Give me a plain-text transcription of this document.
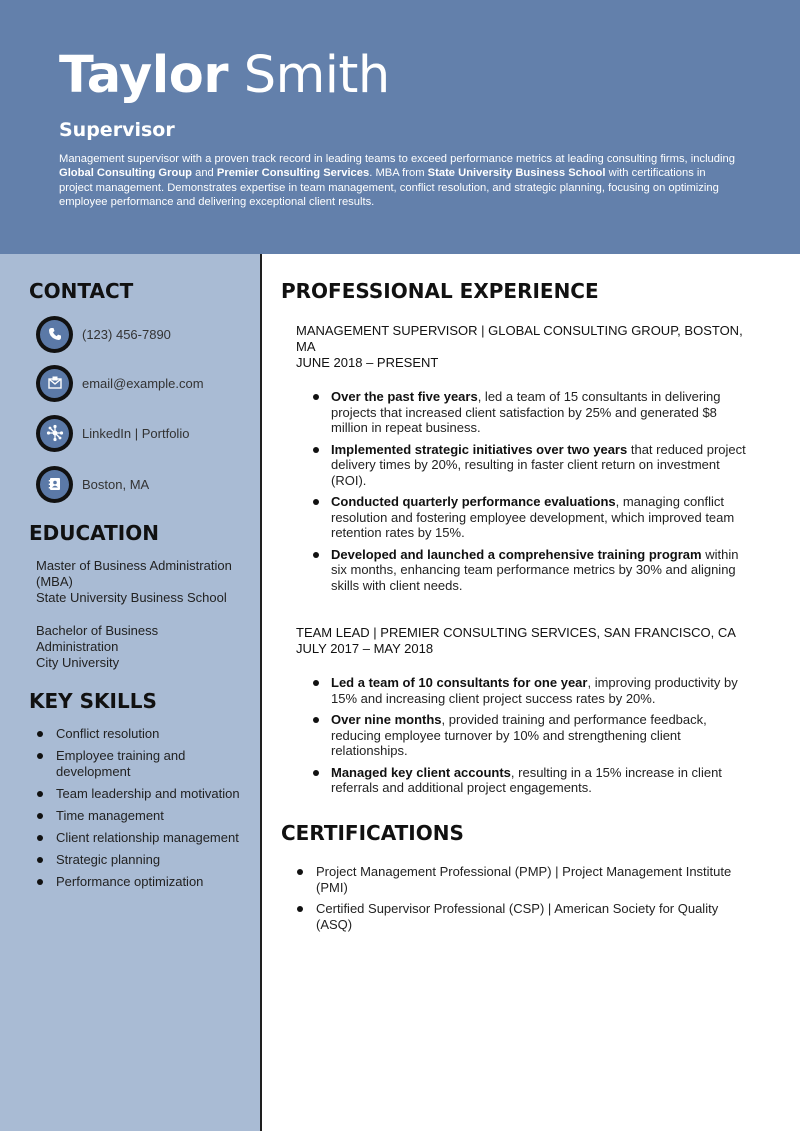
Taylor Smith
Supervisor

Management supervisor with a proven track record in leading teams to exceed performance metrics at leading consulting firms, including Global Consulting Group and Premier Consulting Services. MBA from State University Business School with certifications in project management. Demonstrates expertise in team management, conflict resolution, and strategic planning, focusing on optimizing employee performance and delivering exceptional client results.

CONTACT
(123) 456-7890
email@example.com
LinkedIn | Portfolio
Boston, MA
EDUCATION
Master of Business Administration (MBA)
State University Business School
Bachelor of Business Administration
City University
KEY SKILLS
Conflict resolution
Employee training and development
Team leadership and motivation
Time management
Client relationship management
Strategic planning
Performance optimization
PROFESSIONAL EXPERIENCE
MANAGEMENT SUPERVISOR | GLOBAL CONSULTING GROUP, BOSTON, MA
JUNE 2018 – PRESENT
Over the past five years, led a team of 15 consultants in delivering projects that increased client satisfaction by 25% and generated $8 million in repeat business.
Implemented strategic initiatives over two years that reduced project delivery times by 20%, resulting in faster client return on investment (ROI).
Conducted quarterly performance evaluations, managing conflict resolution and fostering employee development, which improved team retention rates by 15%.
Developed and launched a comprehensive training program within six months, enhancing team performance metrics by 30% and aligning skills with client needs.
TEAM LEAD | PREMIER CONSULTING SERVICES, SAN FRANCISCO, CA
JULY 2017 – MAY 2018
Led a team of 10 consultants for one year, improving productivity by 15% and increasing client project success rates by 20%.
Over nine months, provided training and performance feedback, reducing employee turnover by 10% and strengthening client relationships.
Managed key client accounts, resulting in a 15% increase in client referrals and additional project engagements.
CERTIFICATIONS
Project Management Professional (PMP) | Project Management Institute (PMI)
Certified Supervisor Professional (CSP) | American Society for Quality (ASQ)
